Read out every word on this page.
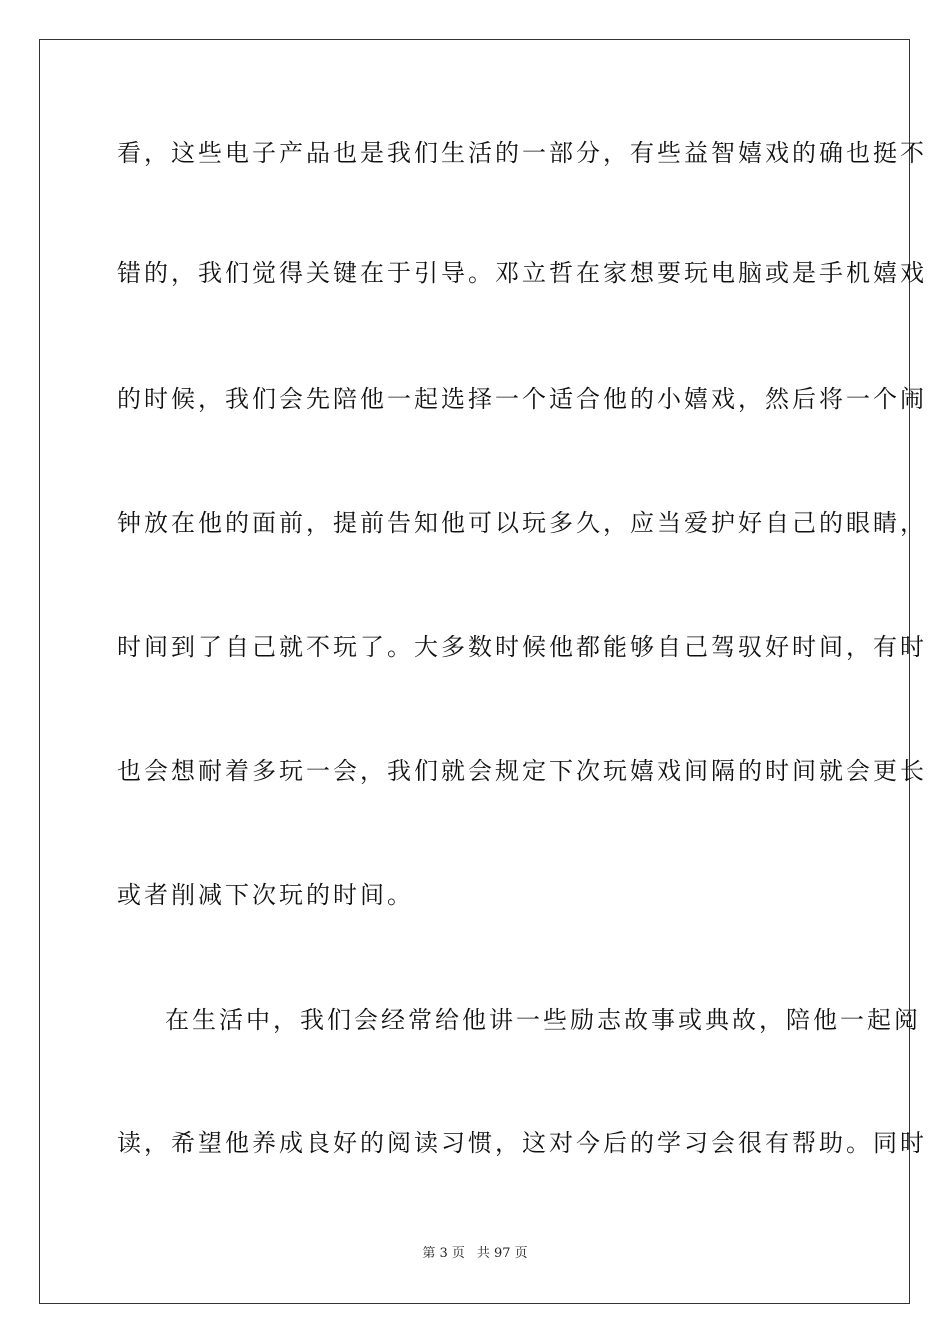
看，这些电子产品也是我们生活的一部分，有些益智嬉戏的确也挺不
错的，我们觉得关键在于引导。邓立哲在家想要玩电脑或是手机嬉戏
的时候，我们会先陪他一起选择一个适合他的小嬉戏，然后将一个闹
钟放在他的面前，提前告知他可以玩多久，应当爱护好自己的眼睛，
时间到了自己就不玩了。大多数时候他都能够自己驾驭好时间，有时
也会想耐着多玩一会，我们就会规定下次玩嬉戏间隔的时间就会更长
或者削减下次玩的时间。
在生活中，我们会经常给他讲一些励志故事或典故，陪他一起阅
读，希望他养成良好的阅读习惯，这对今后的学习会很有帮助。同时
第 3 页 共 97 页
